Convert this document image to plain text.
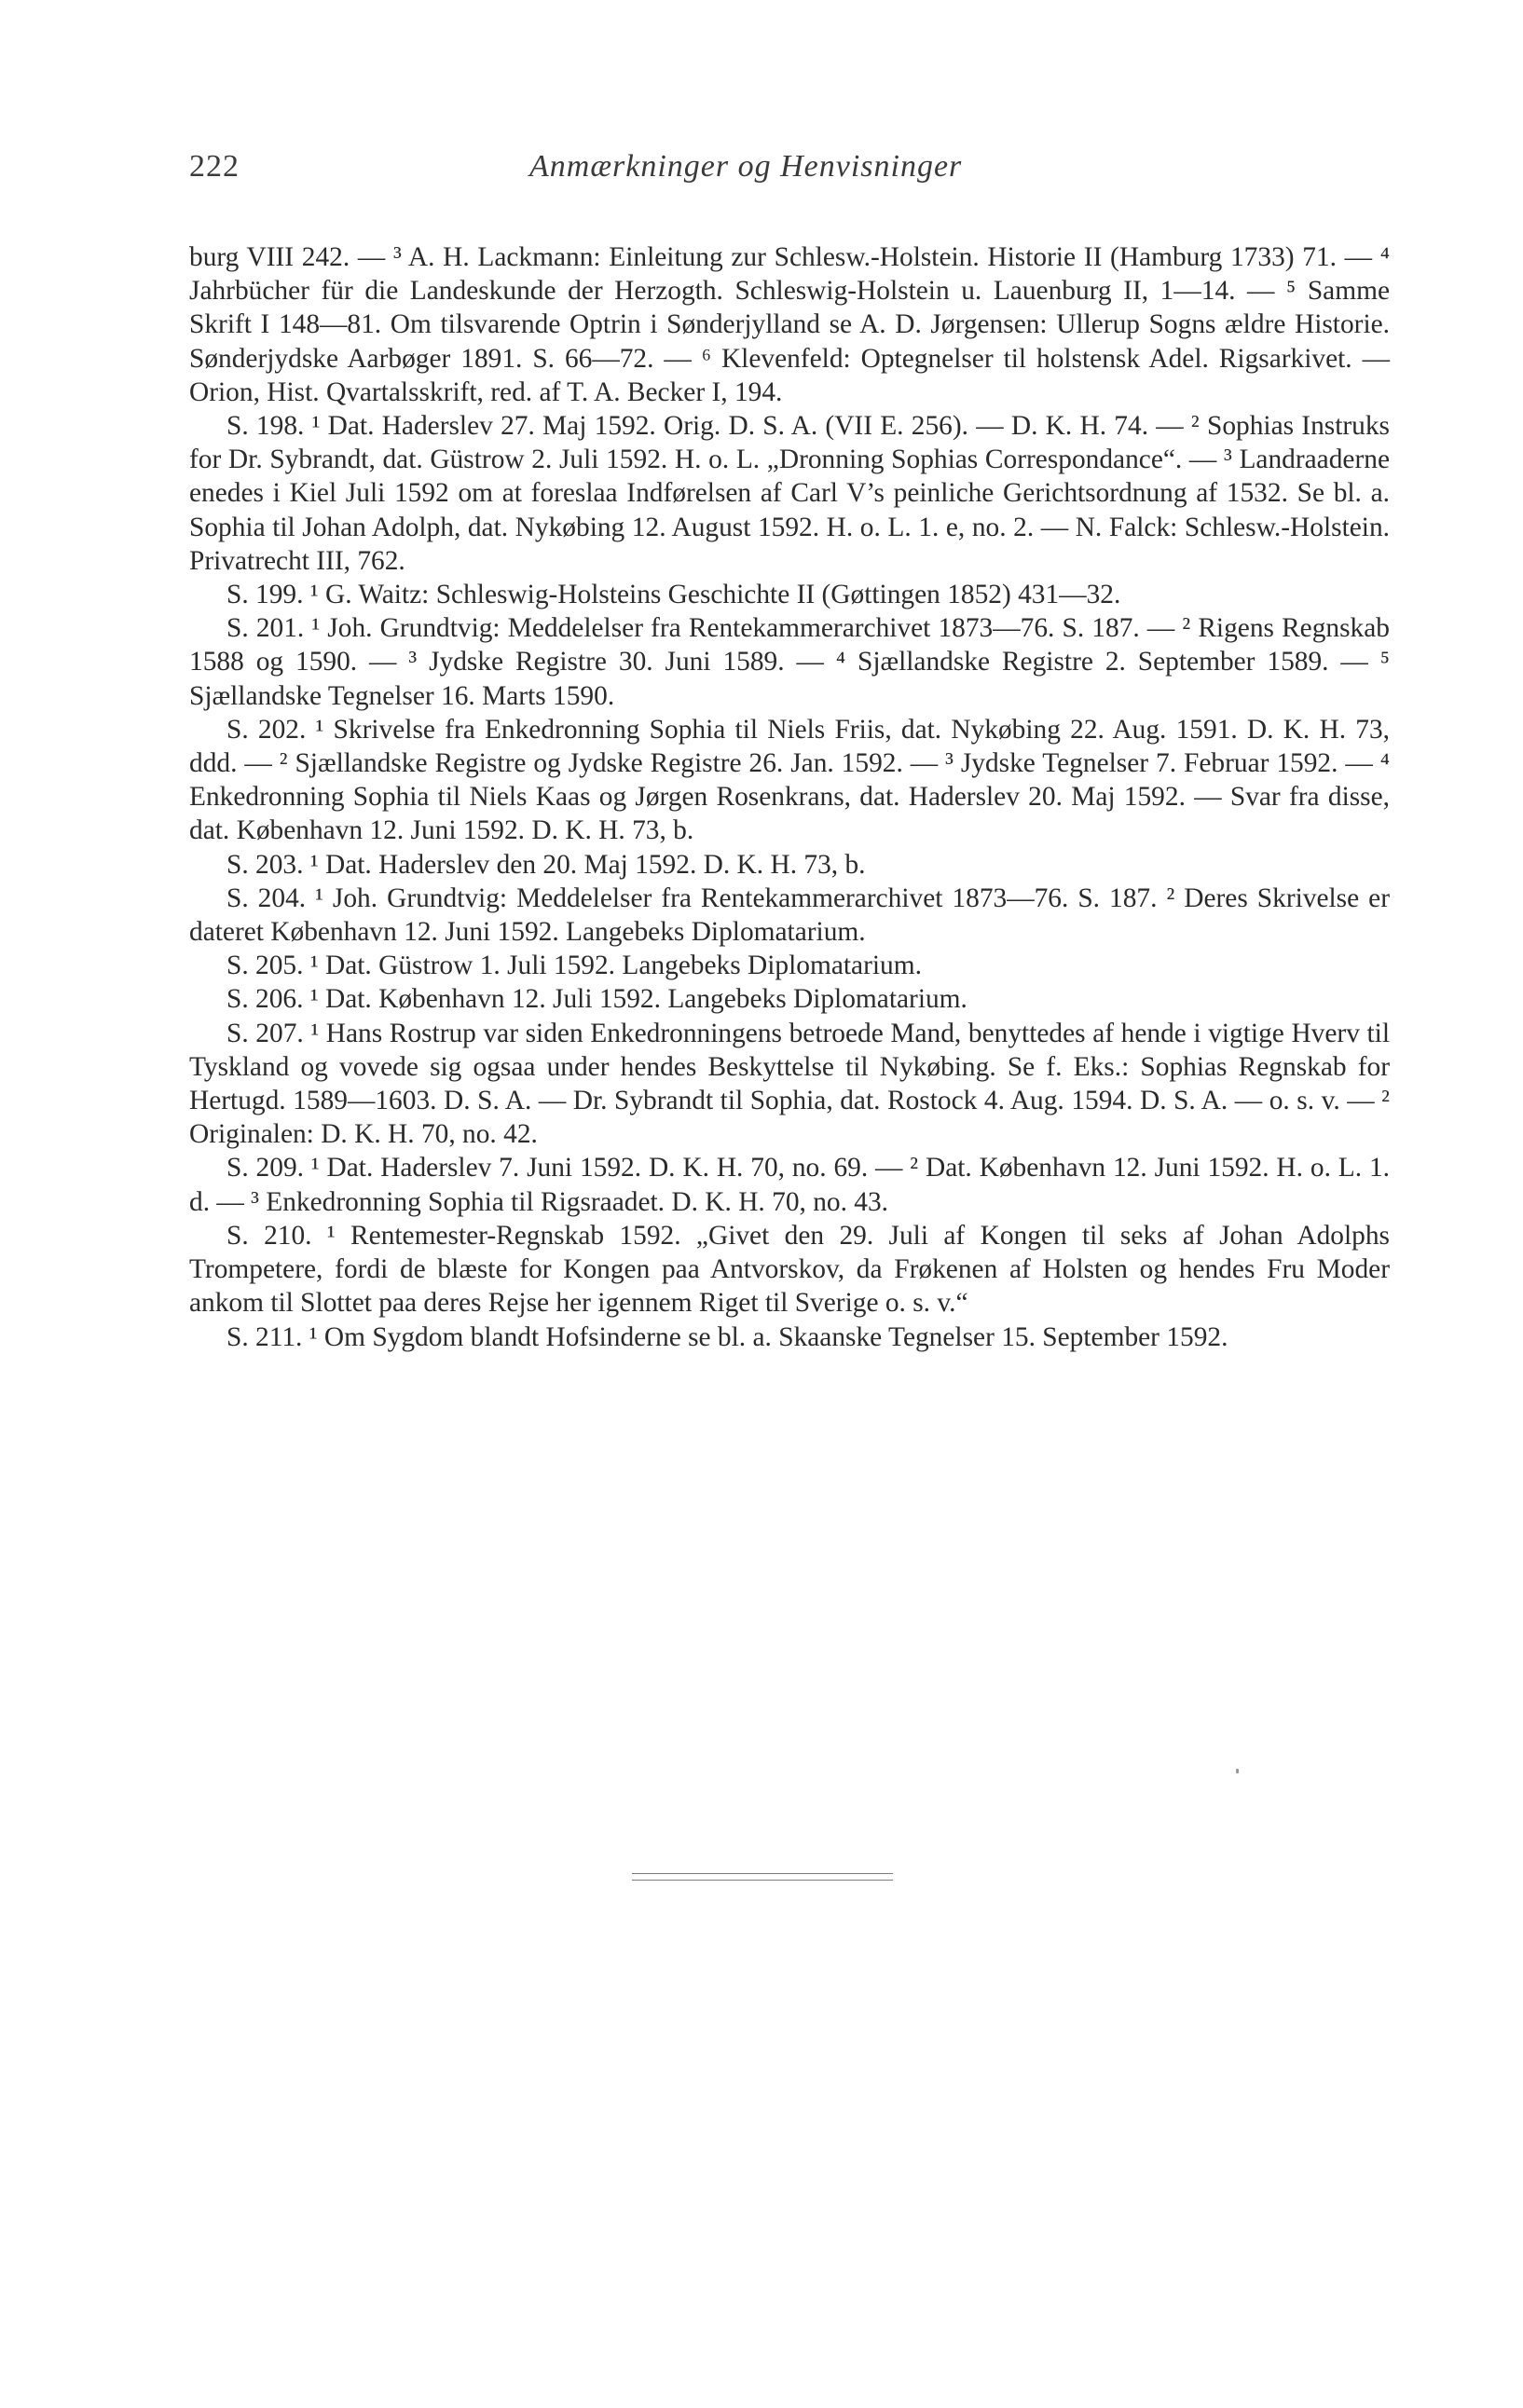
222	Anmærkninger og Henvisninger

burg VIII 242. — ³ A. H. Lackmann: Einleitung zur Schlesw.-Holstein. Historie II (Hamburg 1733) 71. — ⁴ Jahrbücher für die Landeskunde der Herzogth. Schleswig-Holstein u. Lauenburg II, 1—14. — ⁵ Samme Skrift I 148—81. Om tilsvarende Optrin i Sønderjylland se A. D. Jørgensen: Ullerup Sogns ældre Historie. Sønderjydske Aarbøger 1891. S. 66—72. — ⁶ Klevenfeld: Optegnelser til holstensk Adel. Rigsarkivet. — Orion, Hist. Qvartalsskrift, red. af T. A. Becker I, 194.

S. 198. ¹ Dat. Haderslev 27. Maj 1592. Orig. D. S. A. (VII E. 256). — D. K. H. 74. — ² Sophias Instruks for Dr. Sybrandt, dat. Güstrow 2. Juli 1592. H. o. L. „Dronning Sophias Correspondance“. — ³ Landraaderne enedes i Kiel Juli 1592 om at foreslaa Indførelsen af Carl V’s peinliche Gerichtsordnung af 1532. Se bl. a. Sophia til Johan Adolph, dat. Nykøbing 12. August 1592. H. o. L. 1. e, no. 2. — N. Falck: Schlesw.-Holstein. Privatrecht III, 762.

S. 199. ¹ G. Waitz: Schleswig-Holsteins Geschichte II (Gøttingen 1852) 431—32.

S. 201. ¹ Joh. Grundtvig: Meddelelser fra Rentekammerarchivet 1873—76. S. 187. — ² Rigens Regnskab 1588 og 1590. — ³ Jydske Registre 30. Juni 1589. — ⁴ Sjællandske Registre 2. September 1589. — ⁵ Sjællandske Tegnelser 16. Marts 1590.

S. 202. ¹ Skrivelse fra Enkedronning Sophia til Niels Friis, dat. Nykøbing 22. Aug. 1591. D. K. H. 73, ddd. — ² Sjællandske Registre og Jydske Registre 26. Jan. 1592. — ³ Jydske Tegnelser 7. Februar 1592. — ⁴ Enkedronning Sophia til Niels Kaas og Jørgen Rosenkrans, dat. Haderslev 20. Maj 1592. — Svar fra disse, dat. København 12. Juni 1592. D. K. H. 73, b.

S. 203. ¹ Dat. Haderslev den 20. Maj 1592. D. K. H. 73, b.

S. 204. ¹ Joh. Grundtvig: Meddelelser fra Rentekammerarchivet 1873—76. S. 187. ² Deres Skrivelse er dateret København 12. Juni 1592. Langebeks Diplomatarium.

S. 205. ¹ Dat. Güstrow 1. Juli 1592. Langebeks Diplomatarium.

S. 206. ¹ Dat. København 12. Juli 1592. Langebeks Diplomatarium.

S. 207. ¹ Hans Rostrup var siden Enkedronningens betroede Mand, benyttedes af hende i vigtige Hverv til Tyskland og vovede sig ogsaa under hendes Beskyttelse til Nykøbing. Se f. Eks.: Sophias Regnskab for Hertugd. 1589—1603. D. S. A. — Dr. Sybrandt til Sophia, dat. Rostock 4. Aug. 1594. D. S. A. — o. s. v. — ² Originalen: D. K. H. 70, no. 42.

S. 209. ¹ Dat. Haderslev 7. Juni 1592. D. K. H. 70, no. 69. — ² Dat. København 12. Juni 1592. H. o. L. 1. d. — ³ Enkedronning Sophia til Rigsraadet. D. K. H. 70, no. 43.

S. 210. ¹ Rentemester-Regnskab 1592. „Givet den 29. Juli af Kongen til seks af Johan Adolphs Trompetere, fordi de blæste for Kongen paa Antvorskov, da Frøkenen af Holsten og hendes Fru Moder ankom til Slottet paa deres Rejse her igennem Riget til Sverige o. s. v.“

S. 211. ¹ Om Sygdom blandt Hofsinderne se bl. a. Skaanske Tegnelser 15. September 1592.
